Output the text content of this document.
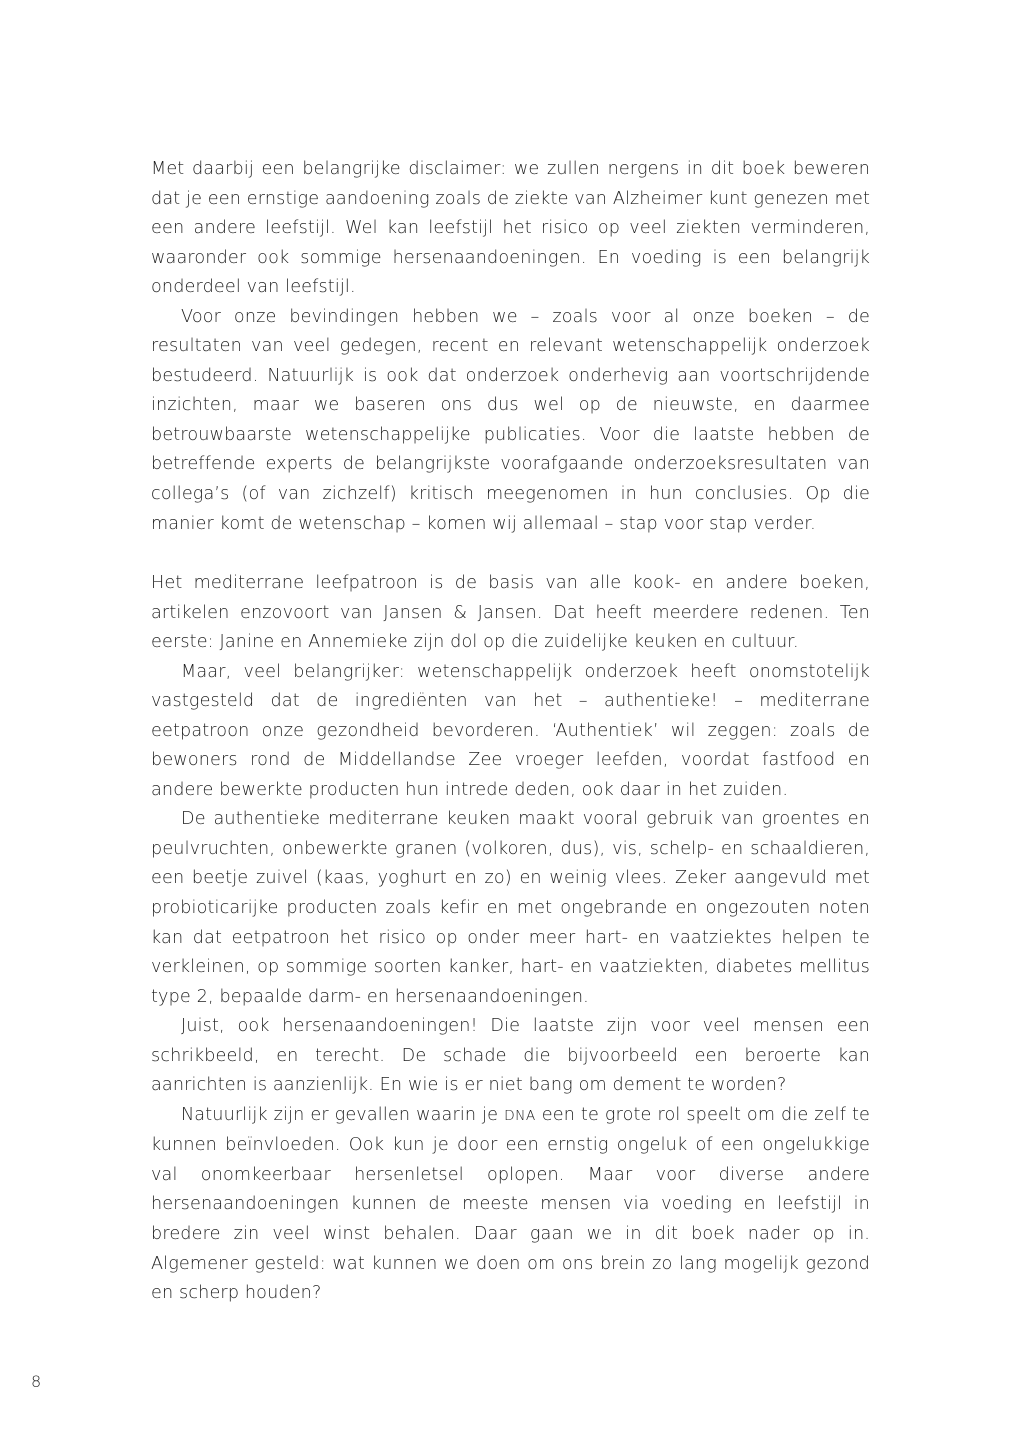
Met daarbij een belangrijke disclaimer: we zullen nergens in dit boek beweren dat je een ernstige aandoening zoals de ziekte van Alzheimer kunt genezen met een andere leefstijl. Wel kan leefstijl het risico op veel ziekten verminderen, waaronder ook sommige hersenaandoeningen. En voeding is een belangrijk onderdeel van leefstijl.

Voor onze bevindingen hebben we – zoals voor al onze boeken – de resultaten van veel gedegen, recent en relevant wetenschappelijk onderzoek bestudeerd. Natuurlijk is ook dat onderzoek onderhevig aan voortschrijdende inzichten, maar we baseren ons dus wel op de nieuwste, en daarmee betrouwbaarste wetenschappelijke publicaties. Voor die laatste hebben de betreffende experts de belangrijkste voorafgaande onderzoeksresultaten van collega’s (of van zichzelf) kritisch meegenomen in hun conclusies. Op die manier komt de wetenschap – komen wij allemaal – stap voor stap verder.

Het mediterrane leefpatroon is de basis van alle kook- en andere boeken, artikelen enzovoort van Jansen & Jansen. Dat heeft meerdere redenen. Ten eerste: Janine en Annemieke zijn dol op die zuidelijke keuken en cultuur.

Maar, veel belangrijker: wetenschappelijk onderzoek heeft onomstotelijk vastgesteld dat de ingrediënten van het – authentieke! – mediterrane eetpatroon onze gezondheid bevorderen. ‘Authentiek’ wil zeggen: zoals de bewoners rond de Middellandse Zee vroeger leefden, voordat fastfood en andere bewerkte producten hun intrede deden, ook daar in het zuiden.

De authentieke mediterrane keuken maakt vooral gebruik van groentes en peulvruchten, onbewerkte granen (volkoren, dus), vis, schelp- en schaaldieren, een beetje zuivel (kaas, yoghurt en zo) en weinig vlees. Zeker aangevuld met probioticarijke producten zoals kefir en met ongebrande en ongezouten noten kan dat eetpatroon het risico op onder meer hart- en vaatziektes helpen te verkleinen, op sommige soorten kanker, hart- en vaatziekten, diabetes mellitus type 2, bepaalde darm- en hersenaandoeningen.

Juist, ook hersenaandoeningen! Die laatste zijn voor veel mensen een schrikbeeld, en terecht. De schade die bijvoorbeeld een beroerte kan aanrichten is aanzienlijk. En wie is er niet bang om dement te worden?

Natuurlijk zijn er gevallen waarin je DNA een te grote rol speelt om die zelf te kunnen beïnvloeden. Ook kun je door een ernstig ongeluk of een ongelukkige val onomkeerbaar hersenletsel oplopen. Maar voor diverse andere hersenaandoeningen kunnen de meeste mensen via voeding en leefstijl in bredere zin veel winst behalen. Daar gaan we in dit boek nader op in. Algemener gesteld: wat kunnen we doen om ons brein zo lang mogelijk gezond en scherp houden?

8
